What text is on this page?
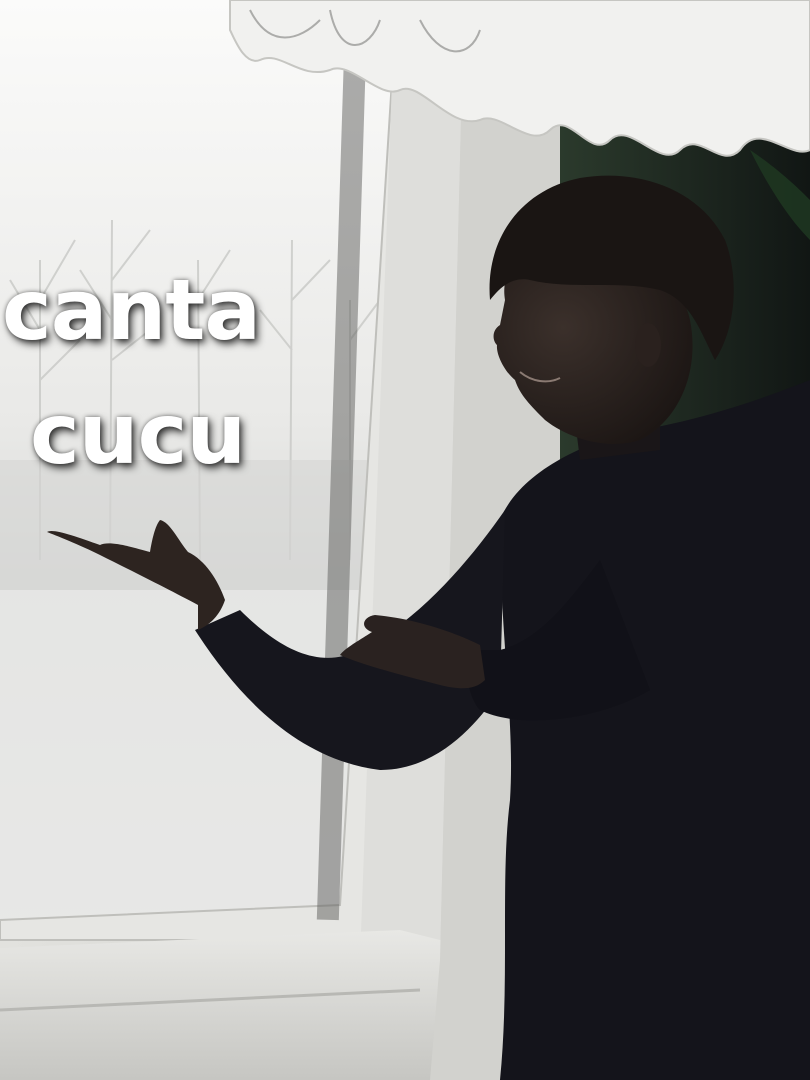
canta
cucu
